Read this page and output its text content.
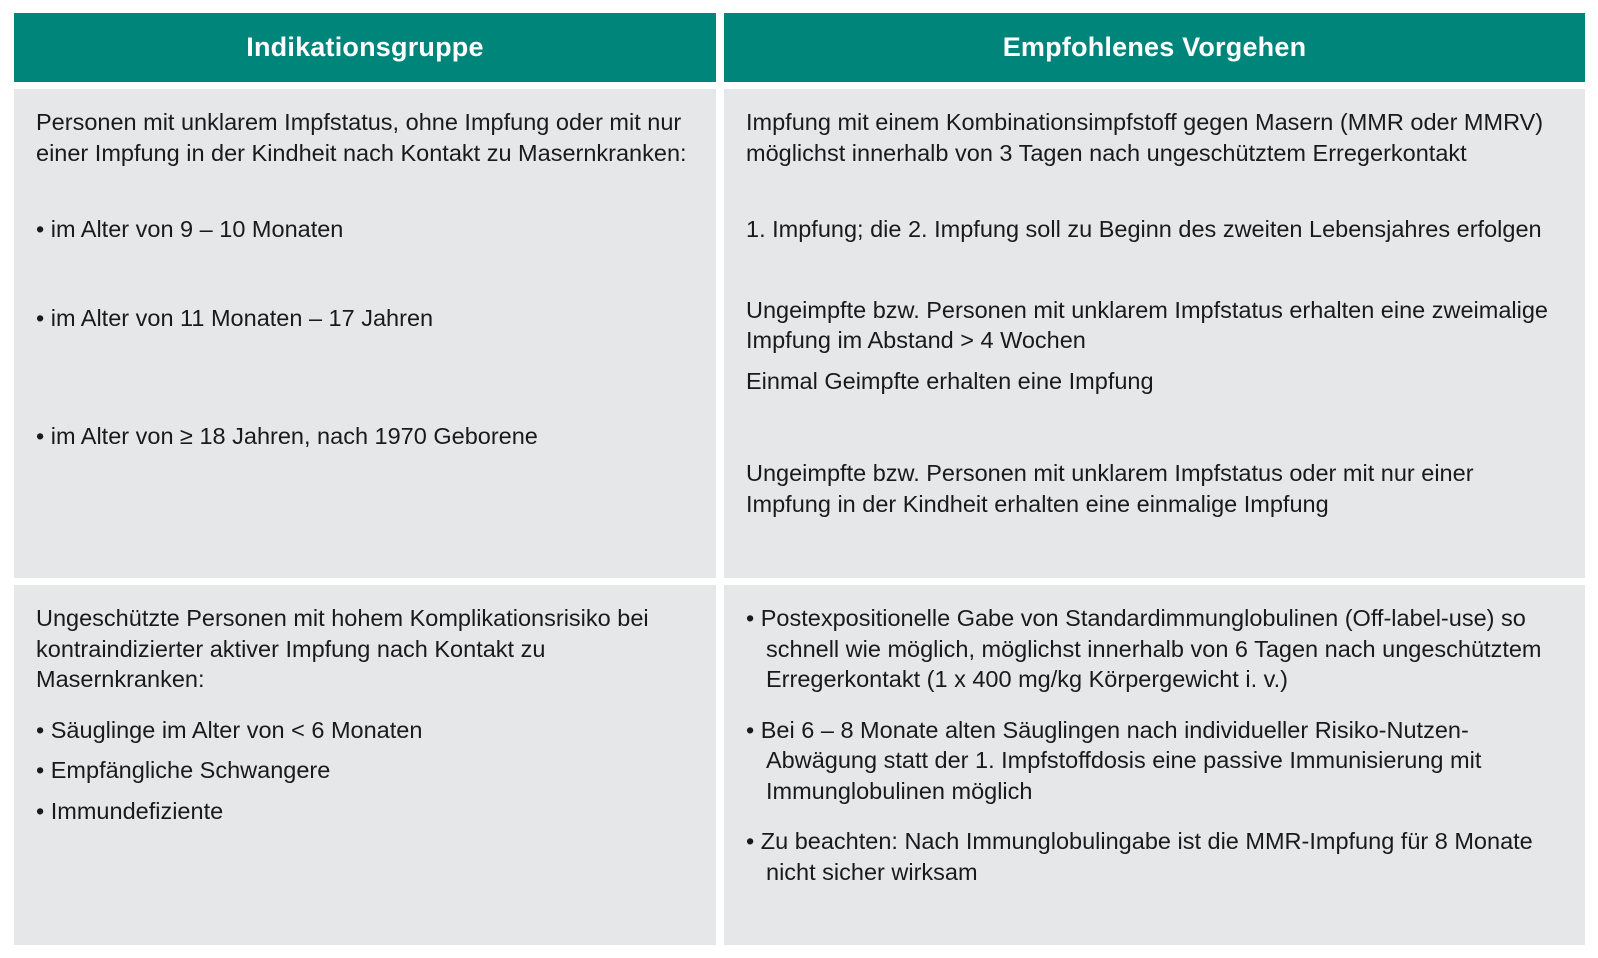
Indikationsgruppe	Empfohlenes Vorgehen

Personen mit unklarem Impfstatus, ohne Impfung oder mit nur einer Impfung in der Kindheit nach Kontakt zu Masernkranken:

• im Alter von 9 – 10 Monaten

• im Alter von 11 Monaten – 17 Jahren

• im Alter von ≥ 18 Jahren, nach 1970 Geborene

Impfung mit einem Kombinationsimpfstoff gegen Masern (MMR oder MMRV) möglichst innerhalb von 3 Tagen nach ungeschütztem Erregerkontakt

1. Impfung; die 2. Impfung soll zu Beginn des zweiten Lebensjahres erfolgen

Ungeimpfte bzw. Personen mit unklarem Impfstatus erhalten eine zweimalige Impfung im Abstand > 4 Wochen

Einmal Geimpfte erhalten eine Impfung

Ungeimpfte bzw. Personen mit unklarem Impfstatus oder mit nur einer Impfung in der Kindheit erhalten eine einmalige Impfung

Ungeschützte Personen mit hohem Komplikationsrisiko bei kontraindizierter aktiver Impfung nach Kontakt zu Masernkranken:

• Säuglinge im Alter von < 6 Monaten

• Empfängliche Schwangere

• Immundefiziente

• Postexpositionelle Gabe von Standardimmunglobulinen (Off-label-use) so schnell wie möglich, möglichst innerhalb von 6 Tagen nach ungeschütztem Erregerkontakt (1 x 400 mg/kg Körpergewicht i. v.)

• Bei 6 – 8 Monate alten Säuglingen nach individueller Risiko-Nutzen-Abwägung statt der 1. Impfstoffdosis eine passive Immunisierung mit Immunglobulinen möglich

• Zu beachten: Nach Immunglobulingabe ist die MMR-Impfung für 8 Monate nicht sicher wirksam
